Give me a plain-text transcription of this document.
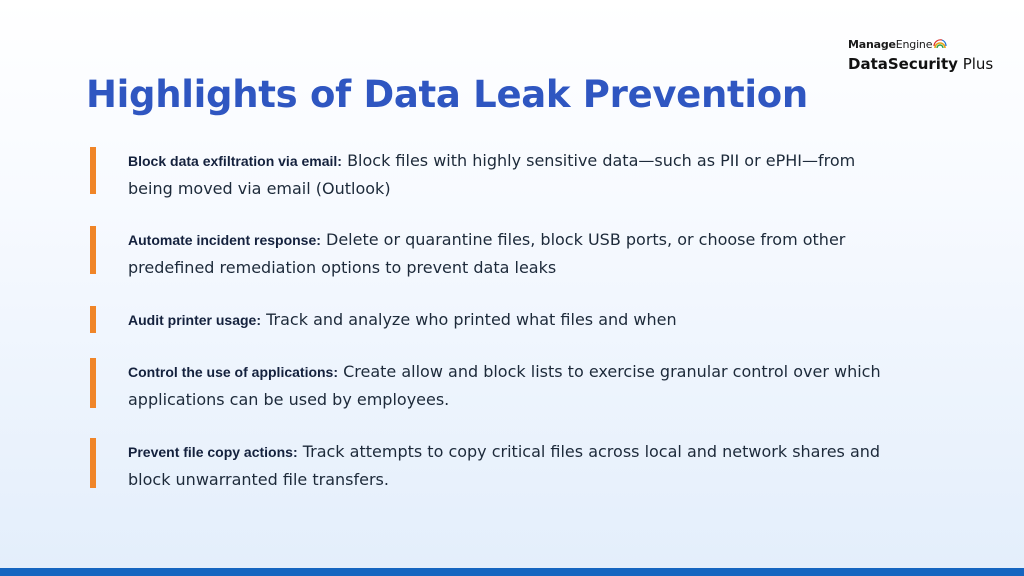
ManageEngine
DataSecurity Plus
Highlights of Data Leak Prevention
Block data exfiltration via email: Block files with highly sensitive data—such as PII or ePHI—from being moved via email (Outlook)
Automate incident response: Delete or quarantine files, block USB ports, or choose from other predefined remediation options to prevent data leaks
Audit printer usage: Track and analyze who printed what files and when
Control the use of applications: Create allow and block lists to exercise granular control over which applications can be used by employees.
Prevent file copy actions: Track attempts to copy critical files across local and network shares and block unwarranted file transfers.
